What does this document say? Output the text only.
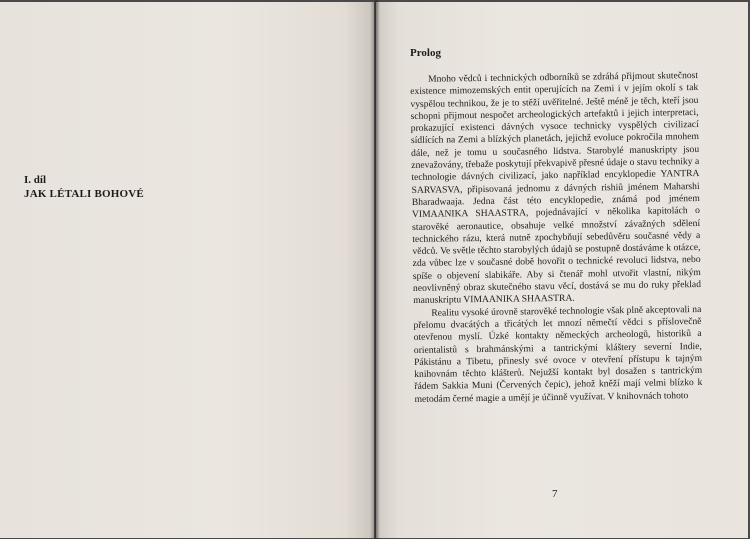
I. díl

JAK LÉTALI BOHOVÉ

Prolog

Mnoho vědců i technických odborníků se zdráhá přijmout skutečnost existence mimozemských entit operujících na Zemi i v jejím okolí s tak vyspělou technikou, že je to stěží uvěřitelné. Ještě méně je těch, kteří jsou schopni přijmout nespočet archeologických artefaktů i jejich interpretaci, prokazující existenci dávných vysoce technicky vyspělých civilizací sídlících na Zemi a blízkých planetách, jejichž evoluce pokročila mnohem dále, než je tomu u současného lidstva. Starobylé manuskripty jsou znevažovány, třebaže poskytují překvapivě přesné údaje o stavu techniky a technologie dávných civilizací, jako například encyklopedie YANTRA SARVASVA, připisovaná jednomu z dávných rishiů jménem Maharshi Bharadwaaja. Jedna část této encyklopedie, známá pod jménem VIMAANIKA SHAASTRA, pojednávající v několika kapitolách o starověké aeronautice, obsahuje velké množství závažných sdělení technického rázu, která nutně zpochybňují sebedůvěru současné vědy a vědců. Ve světle těchto starobylých údajů se postupně dostáváme k otázce, zda vůbec lze v současné době hovořit o technické revoluci lidstva, nebo spíše o objevení slabikáře. Aby si čtenář mohl utvořit vlastní, nikým neovlivněný obraz skutečného stavu věcí, dostává se mu do ruky překlad manuskriptu VIMAANIKA SHAASTRA.

Realitu vysoké úrovně starověké technologie však plně akceptovali na přelomu dvacátých a třicátých let mnozí němečtí vědci s příslovečně otevřenou myslí. Úzké kontakty německých archeologů, historiků a orientalistů s brahmánskými a tantrickými kláštery severní Indie, Pákistánu a Tibetu, přinesly své ovoce v otevření přístupu k tajným knihovnám těchto klášterů. Nejužší kontakt byl dosažen s tantrickým řádem Sakkia Muni (Červených čepic), jehož kněží mají velmi blízko k metodám černé magie a umějí je účinně využívat. V knihovnách tohoto

7
